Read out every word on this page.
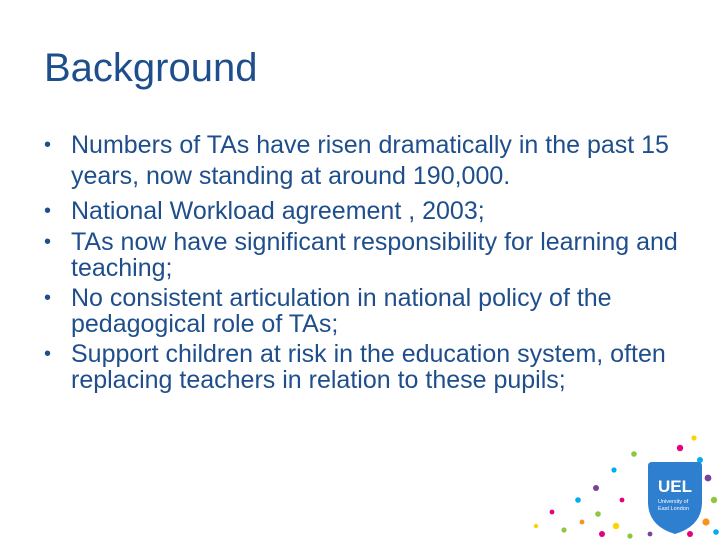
Background
• Numbers of TAs have risen dramatically in the past 15 years, now standing at around 190,000.
• National Workload agreement , 2003;
• TAs now have significant responsibility for learning and teaching;
• No consistent articulation in national policy of the pedagogical role of TAs;
• Support children at risk in the education system, often replacing teachers in relation to these pupils;
UEL
University of
East London
